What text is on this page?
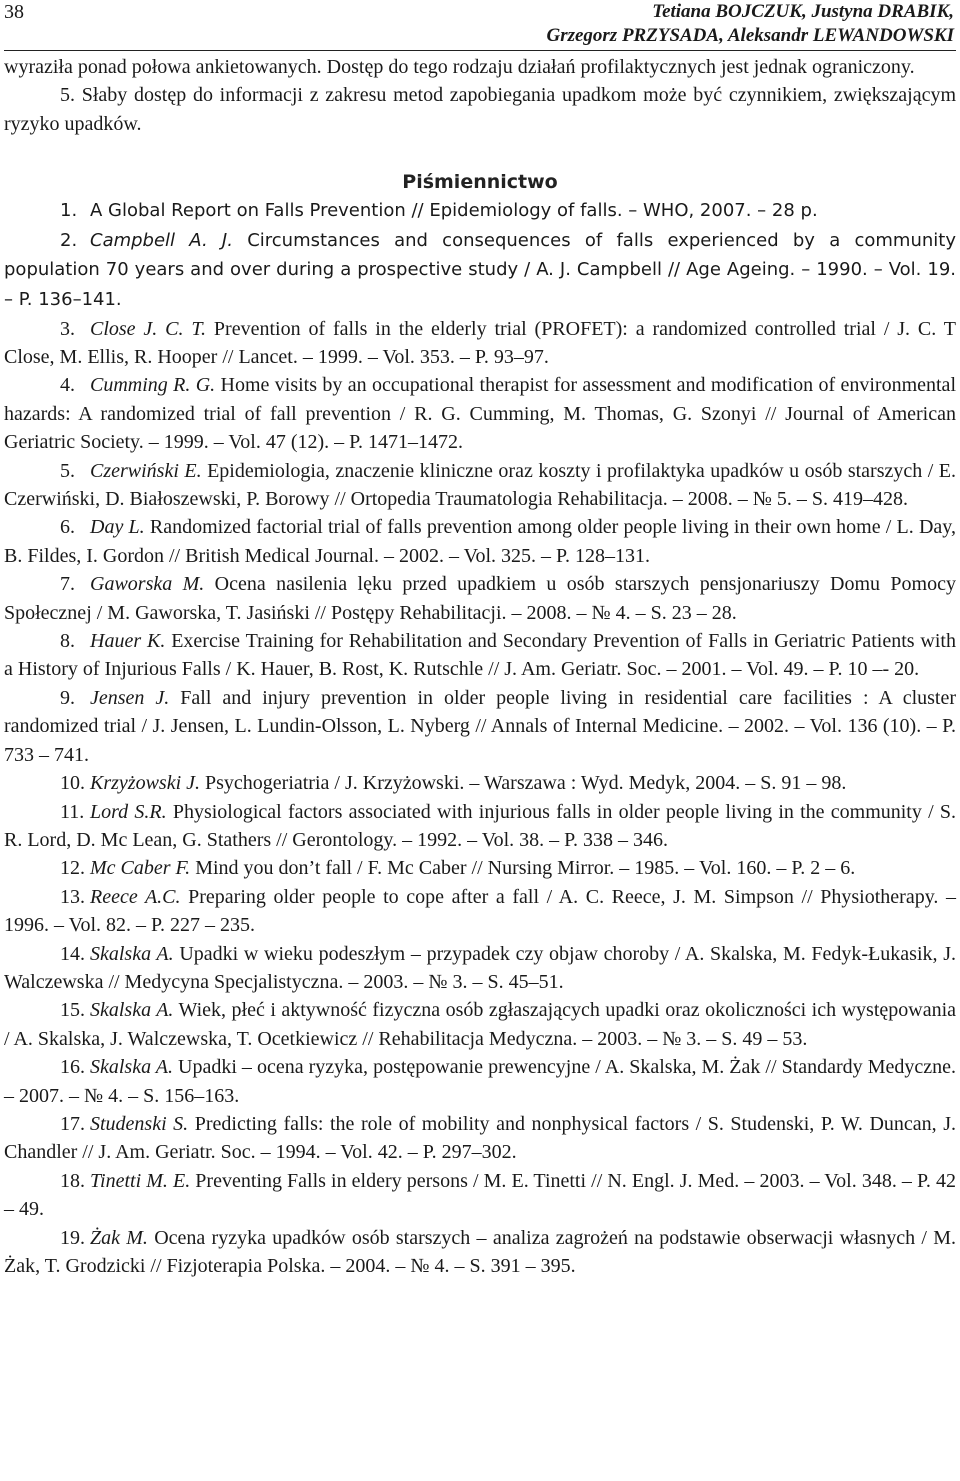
38	Tetiana BOJCZUK, Justyna DRABIK,
Grzegorz PRZYSADA, Aleksandr LEWANDOWSKI

wyraziła ponad połowa ankietowanych. Dostęp do tego rodzaju działań profilaktycznych jest jednak ograniczony.

5. Słaby dostęp do informacji z zakresu metod zapobiegania upadkom może być czynnikiem, zwiększającym ryzyko upadków.

Piśmiennictwo

1. A Global Report on Falls Prevention // Epidemiology of falls. – WHO, 2007. – 28 p.

2. Campbell A. J. Circumstances and consequences of falls experienced by a community population 70 years and over during a prospective study / A. J. Campbell // Age Ageing. – 1990. – Vol. 19. – P. 136–141.

3. Close J. C. T. Prevention of falls in the elderly trial (PROFET): a randomized controlled trial / J. C. T Close, M. Ellis, R. Hooper // Lancet. – 1999. – Vol. 353. – P. 93–97.

4. Cumming R. G. Home visits by an occupational therapist for assessment and modification of environmental hazards: A randomized trial of fall prevention / R. G. Cumming, M. Thomas, G. Szonyi // Journal of American Geriatric Society. – 1999. – Vol. 47 (12). – P. 1471–1472.

5. Czerwiński E. Epidemiologia, znaczenie kliniczne oraz koszty i profilaktyka upadków u osób starszych / E. Czerwiński, D. Białoszewski, P. Borowy // Ortopedia Traumatologia Rehabilitacja. – 2008. – № 5. – S. 419–428.

6. Day L. Randomized factorial trial of falls prevention among older people living in their own home / L. Day, B. Fildes, I. Gordon // British Medical Journal. – 2002. – Vol. 325. – P. 128–131.

7. Gaworska M. Ocena nasilenia lęku przed upadkiem u osób starszych pensjonariuszy Domu Pomocy Społecznej / M. Gaworska, T. Jasiński // Postępy Rehabilitacji. – 2008. – № 4. – S. 23 – 28.

8. Hauer K. Exercise Training for Rehabilitation and Secondary Prevention of Falls in Geriatric Patients with a History of Injurious Falls / K. Hauer, B. Rost, K. Rutschle // J. Am. Geriatr. Soc. – 2001. – Vol. 49. – P. 10 –- 20.

9. Jensen J. Fall and injury prevention in older people living in residential care facilities : A cluster randomized trial / J. Jensen, L. Lundin-Olsson, L. Nyberg // Annals of Internal Medicine. – 2002. – Vol. 136 (10). – P. 733 – 741.

10. Krzyżowski J. Psychogeriatria / J. Krzyżowski. – Warszawa : Wyd. Medyk, 2004. – S. 91 – 98.

11. Lord S.R. Physiological factors associated with injurious falls in older people living in the community / S. R. Lord, D. Mc Lean, G. Stathers // Gerontology. – 1992. – Vol. 38. – P. 338 – 346.

12. Mc Caber F. Mind you don’t fall / F. Mc Caber // Nursing Mirror. – 1985. – Vol. 160. – P. 2 – 6.

13. Reece A.C. Preparing older people to cope after a fall / A. C. Reece, J. M. Simpson // Physiotherapy. – 1996. – Vol. 82. – P. 227 – 235.

14. Skalska A. Upadki w wieku podeszłym – przypadek czy objaw choroby / A. Skalska, M. Fedyk-Łukasik, J. Walczewska // Medycyna Specjalistyczna. – 2003. – № 3. – S. 45–51.

15. Skalska A. Wiek, płeć i aktywność fizyczna osób zgłaszających upadki oraz okoliczności ich występowania / A. Skalska, J. Walczewska, T. Ocetkiewicz // Rehabilitacja Medyczna. – 2003. – № 3. – S. 49 – 53.

16. Skalska A. Upadki – ocena ryzyka, postępowanie prewencyjne / A. Skalska, M. Żak // Standardy Medyczne. – 2007. – № 4. – S. 156–163.

17. Studenski S. Predicting falls: the role of mobility and nonphysical factors / S. Studenski, P. W. Duncan, J. Chandler // J. Am. Geriatr. Soc. – 1994. – Vol. 42. – P. 297–302.

18. Tinetti M. E. Preventing Falls in eldery persons / M. E. Tinetti // N. Engl. J. Med. – 2003. – Vol. 348. – P. 42 – 49.

19. Żak M. Ocena ryzyka upadków osób starszych – analiza zagrożeń na podstawie obserwacji własnych / M. Żak, T. Grodzicki // Fizjoterapia Polska. – 2004. – № 4. – S. 391 – 395.
